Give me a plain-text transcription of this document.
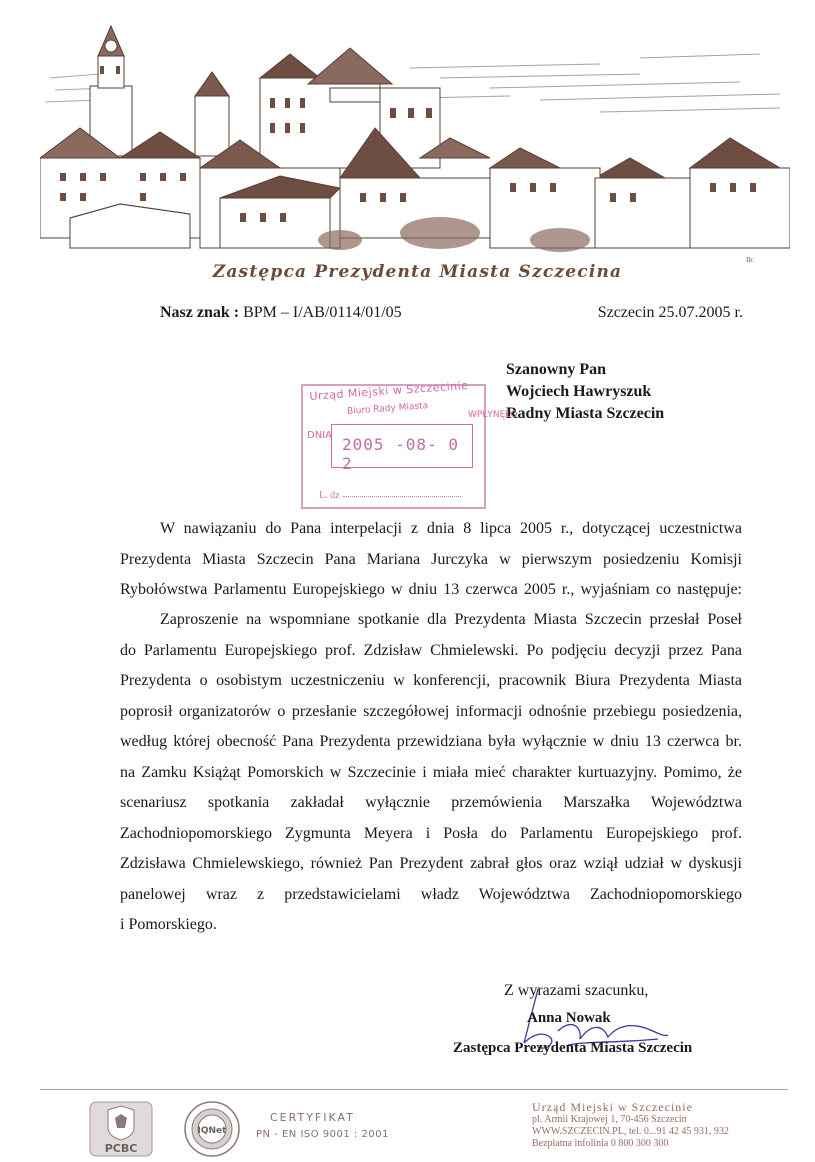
Ilr.
Zastępca Prezydenta Miasta Szczecina
Nasz znak : BPM – I/AB/0114/01/05	Szczecin 25.07.2005 r.
Szanowny Pan
Wojciech Hawryszuk
Radny Miasta Szczecin
Urząd Miejski w Szczecinie
Biuro Rady Miasta
DNIA
WPŁYNĘŁO
2005 -08- 0 2
L. dz
W nawiązaniu do Pana interpelacji z dnia 8 lipca 2005 r., dotyczącej uczestnictwa
Prezydenta Miasta Szczecin Pana Mariana Jurczyka w pierwszym posiedzeniu Komisji
Rybołówstwa Parlamentu Europejskiego w dniu 13 czerwca 2005 r., wyjaśniam co następuje:
Zaproszenie na wspomniane spotkanie dla Prezydenta Miasta Szczecin przesłał Poseł
do Parlamentu Europejskiego prof. Zdzisław Chmielewski. Po podjęciu decyzji przez Pana
Prezydenta o osobistym uczestniczeniu w konferencji, pracownik Biura Prezydenta Miasta
poprosił organizatorów o przesłanie szczegółowej informacji odnośnie przebiegu posiedzenia,
według której obecność Pana Prezydenta przewidziana była wyłącznie w dniu 13 czerwca br.
na Zamku Książąt Pomorskich w Szczecinie i miała mieć charakter kurtuazyjny. Pomimo, że
scenariusz spotkania zakładał wyłącznie przemówienia Marszałka Województwa
Zachodniopomorskiego Zygmunta Meyera i Posła do Parlamentu Europejskiego prof.
Zdzisława Chmielewskiego, również Pan Prezydent zabrał głos oraz wziął udział w dyskusji
panelowej wraz z przedstawicielami władz Województwa Zachodniopomorskiego
i Pomorskiego.
Z wyrazami szacunku,
Anna Nowak
Zastępca Prezydenta Miasta Szczecin
PCBC
IQNet
CERTYFIKAT
PN - EN ISO 9001 : 2001
Urząd Miejski w Szczecinie
pl. Armii Krajowej 1, 70-456 Szczecin
WWW.SZCZECIN.PL, tel. 0...91 42 45 931, 932
Bezpłatna infolinia 0 800 300 300
